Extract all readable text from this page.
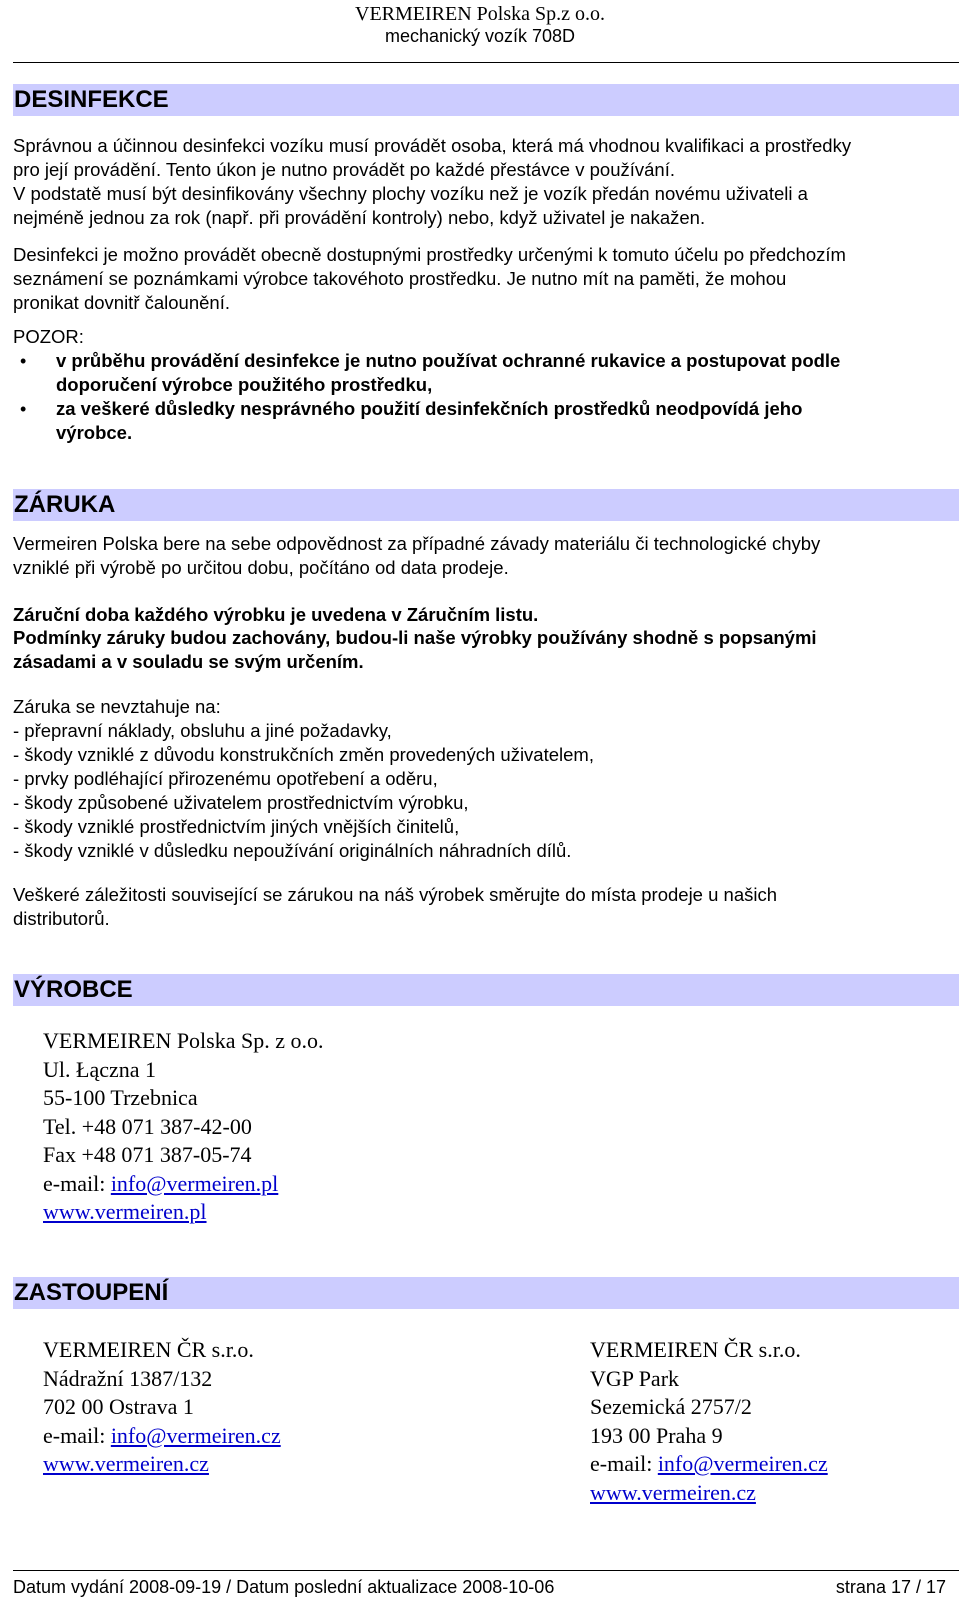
VERMEIREN Polska Sp.z o.o.
mechanický vozík 708D
DESINFEKCE
Správnou a účinnou desinfekci vozíku musí provádět osoba, která má vhodnou kvalifikaci a prostředky
pro její provádění. Tento úkon je nutno provádět po každé přestávce v používání.
V podstatě musí být desinfikovány všechny plochy vozíku než je vozík předán novému uživateli a
nejméně jednou za rok (např. při provádění kontroly) nebo, když uživatel je nakažen.
Desinfekci je možno provádět obecně dostupnými prostředky určenými k tomuto účelu po předchozím
seznámení se poznámkami výrobce takovéhoto prostředku. Je nutno mít na paměti, že mohou
pronikat dovnitř čalounění.
POZOR:
• v průběhu provádění desinfekce je nutno používat ochranné rukavice a postupovat podle
doporučení výrobce použitého prostředku,
• za veškeré důsledky nesprávného použití desinfekčních prostředků neodpovídá jeho
výrobce.
ZÁRUKA
Vermeiren Polska bere na sebe odpovědnost za případné závady materiálu či technologické chyby
vzniklé při výrobě po určitou dobu, počítáno od data prodeje.
Záruční doba každého výrobku je uvedena v Záručním listu.
Podmínky záruky budou zachovány, budou-li naše výrobky používány shodně s popsanými
zásadami a v souladu se svým určením.
Záruka se nevztahuje na:
- přepravní náklady, obsluhu a jiné požadavky,
- škody vzniklé z důvodu konstrukčních změn provedených uživatelem,
- prvky podléhající přirozenému opotřebení a oděru,
- škody způsobené uživatelem prostřednictvím výrobku,
- škody vzniklé prostřednictvím jiných vnějších činitelů,
- škody vzniklé v důsledku nepoužívání originálních náhradních dílů.
Veškeré záležitosti související se zárukou na náš výrobek směrujte do místa prodeje u našich
distributorů.
VÝROBCE
VERMEIREN Polska Sp. z o.o.
Ul. Łączna 1
55-100 Trzebnica
Tel. +48 071 387-42-00
Fax +48 071 387-05-74
e-mail: info@vermeiren.pl
www.vermeiren.pl
ZASTOUPENÍ
VERMEIREN ČR s.r.o.
Nádražní 1387/132
702 00 Ostrava 1
e-mail: info@vermeiren.cz
www.vermeiren.cz
VERMEIREN ČR s.r.o.
VGP Park
Sezemická 2757/2
193 00 Praha 9
e-mail: info@vermeiren.cz
www.vermeiren.cz
Datum vydání 2008-09-19 / Datum poslední aktualizace 2008-10-06	strana 17 / 17
